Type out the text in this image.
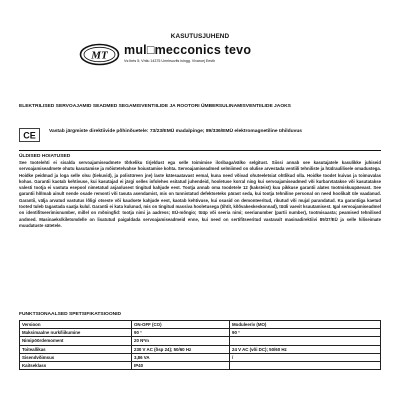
KASUTUSJUHEND
MT mul□mecconics tevo
Vs:Ibrts 5; Vhtlu 14375 Umrlrsuvlts lsIngg. Vlvaroej Eesth
ELEKTRILISED SERVOAJAMID SEADMED SEGAMISVENTIILIDE JA ROOTORI ÜMBERSULINAMISVENTIILIDE JAOKS
CE	Vastab järgmiste direktiivide põhinõuetele: 73/23/EMÜ madalpinge; 89/336/EMÜ elektromagnetiline ühilduvus
ÜLDISED HOIATUSED
See tootelehti ei sisalda servoajamiseadmete tõrkeliku tirjeldust ega selle toimimise iloribaga/välko selgitust. Siissi annab see kasutajatele kasulikke juhiseid servoajamiseadmete ohutu kasutamise ja mõistetelvahse hoiustamise kohta. Servoajamiseadmed selmiimed on olulise arvestada ventiili tehniliste ja hüdraulilisele omadustega. Hoidke peidmad ja loga selle olsu (tiekuvid), ja polistüreen jne) laste kätesaatavast eemal, kuna need võivad ohuteeletsiat ohtlikud olla. Hoidke toodet kuivas ja toimuvalas kohas. Garantii kaotab kehtivuse, kui kasutajad ei järgi selles infolehes esitatud juhendeid, hooletuse korral ning kui servoajamiseadmed või kurbarvtatakse või kasutatakse valesti tootja ei vastuta esepool nimetatud asjaolusest tingitud kahjude eest. Tootja annab oma toodetele 12 (kaksteist) kuu pikkuse garantii alates tootmiskuupäevast. See garantii hõlmab ainult nende osade remonti või tasuta asendamist, mis on tunnistatud defektseteks pärast seda, kui tootja tehniline personal on need hoolikalt üle vaadanud. Garantii, välja arvatud vastutus lõligi otseste või kaudsete kahjude eest, kaotab kehtivuse, kui osasid on demonteeritud, rikutud või mujal parandatud. Ka garantiiga kaetud tooted tuleb tagastada saatja kulul. Garantii ei kata kulunud, mis on tingitud massiva hooletusega (tihtit, kõõvakeskeskonnad), tüüli vaevit ksautamisest. Igal servoajamiseadmel on identifitseerimisnumber, millel on mõningfid: tootja nimi ja aadress; EÜ-mõngio; tüüp või seeria nimi; seerianumber (partii number), tootmisaasta; peamised tehnilised andmed. Masinaeks/kiletsmdelle on lisatutud paigaldada servoajamiseadmeid enne, kui need on sertifitseeritud vastavalt masinadirektiivi 89/37/EÜ ja selle hiliseimate muudatuste sätetele.
FUNKTSIONAALSED SPETSIFIKATSIOONID
Versioon	ON-OFF (CO)	Moduleeriv (MO)
Maksimaalne nurk/liikumine	90 °	90 °
Nimipöördemoment	20 N*m	
Toiteallikas	230 V AC (õsp 24); 50/60 Hz	24 V AC (või DC); 50/60 Hz
Sisendvõimsus	3,86 VA	/
Kaitseklass	IP40	
